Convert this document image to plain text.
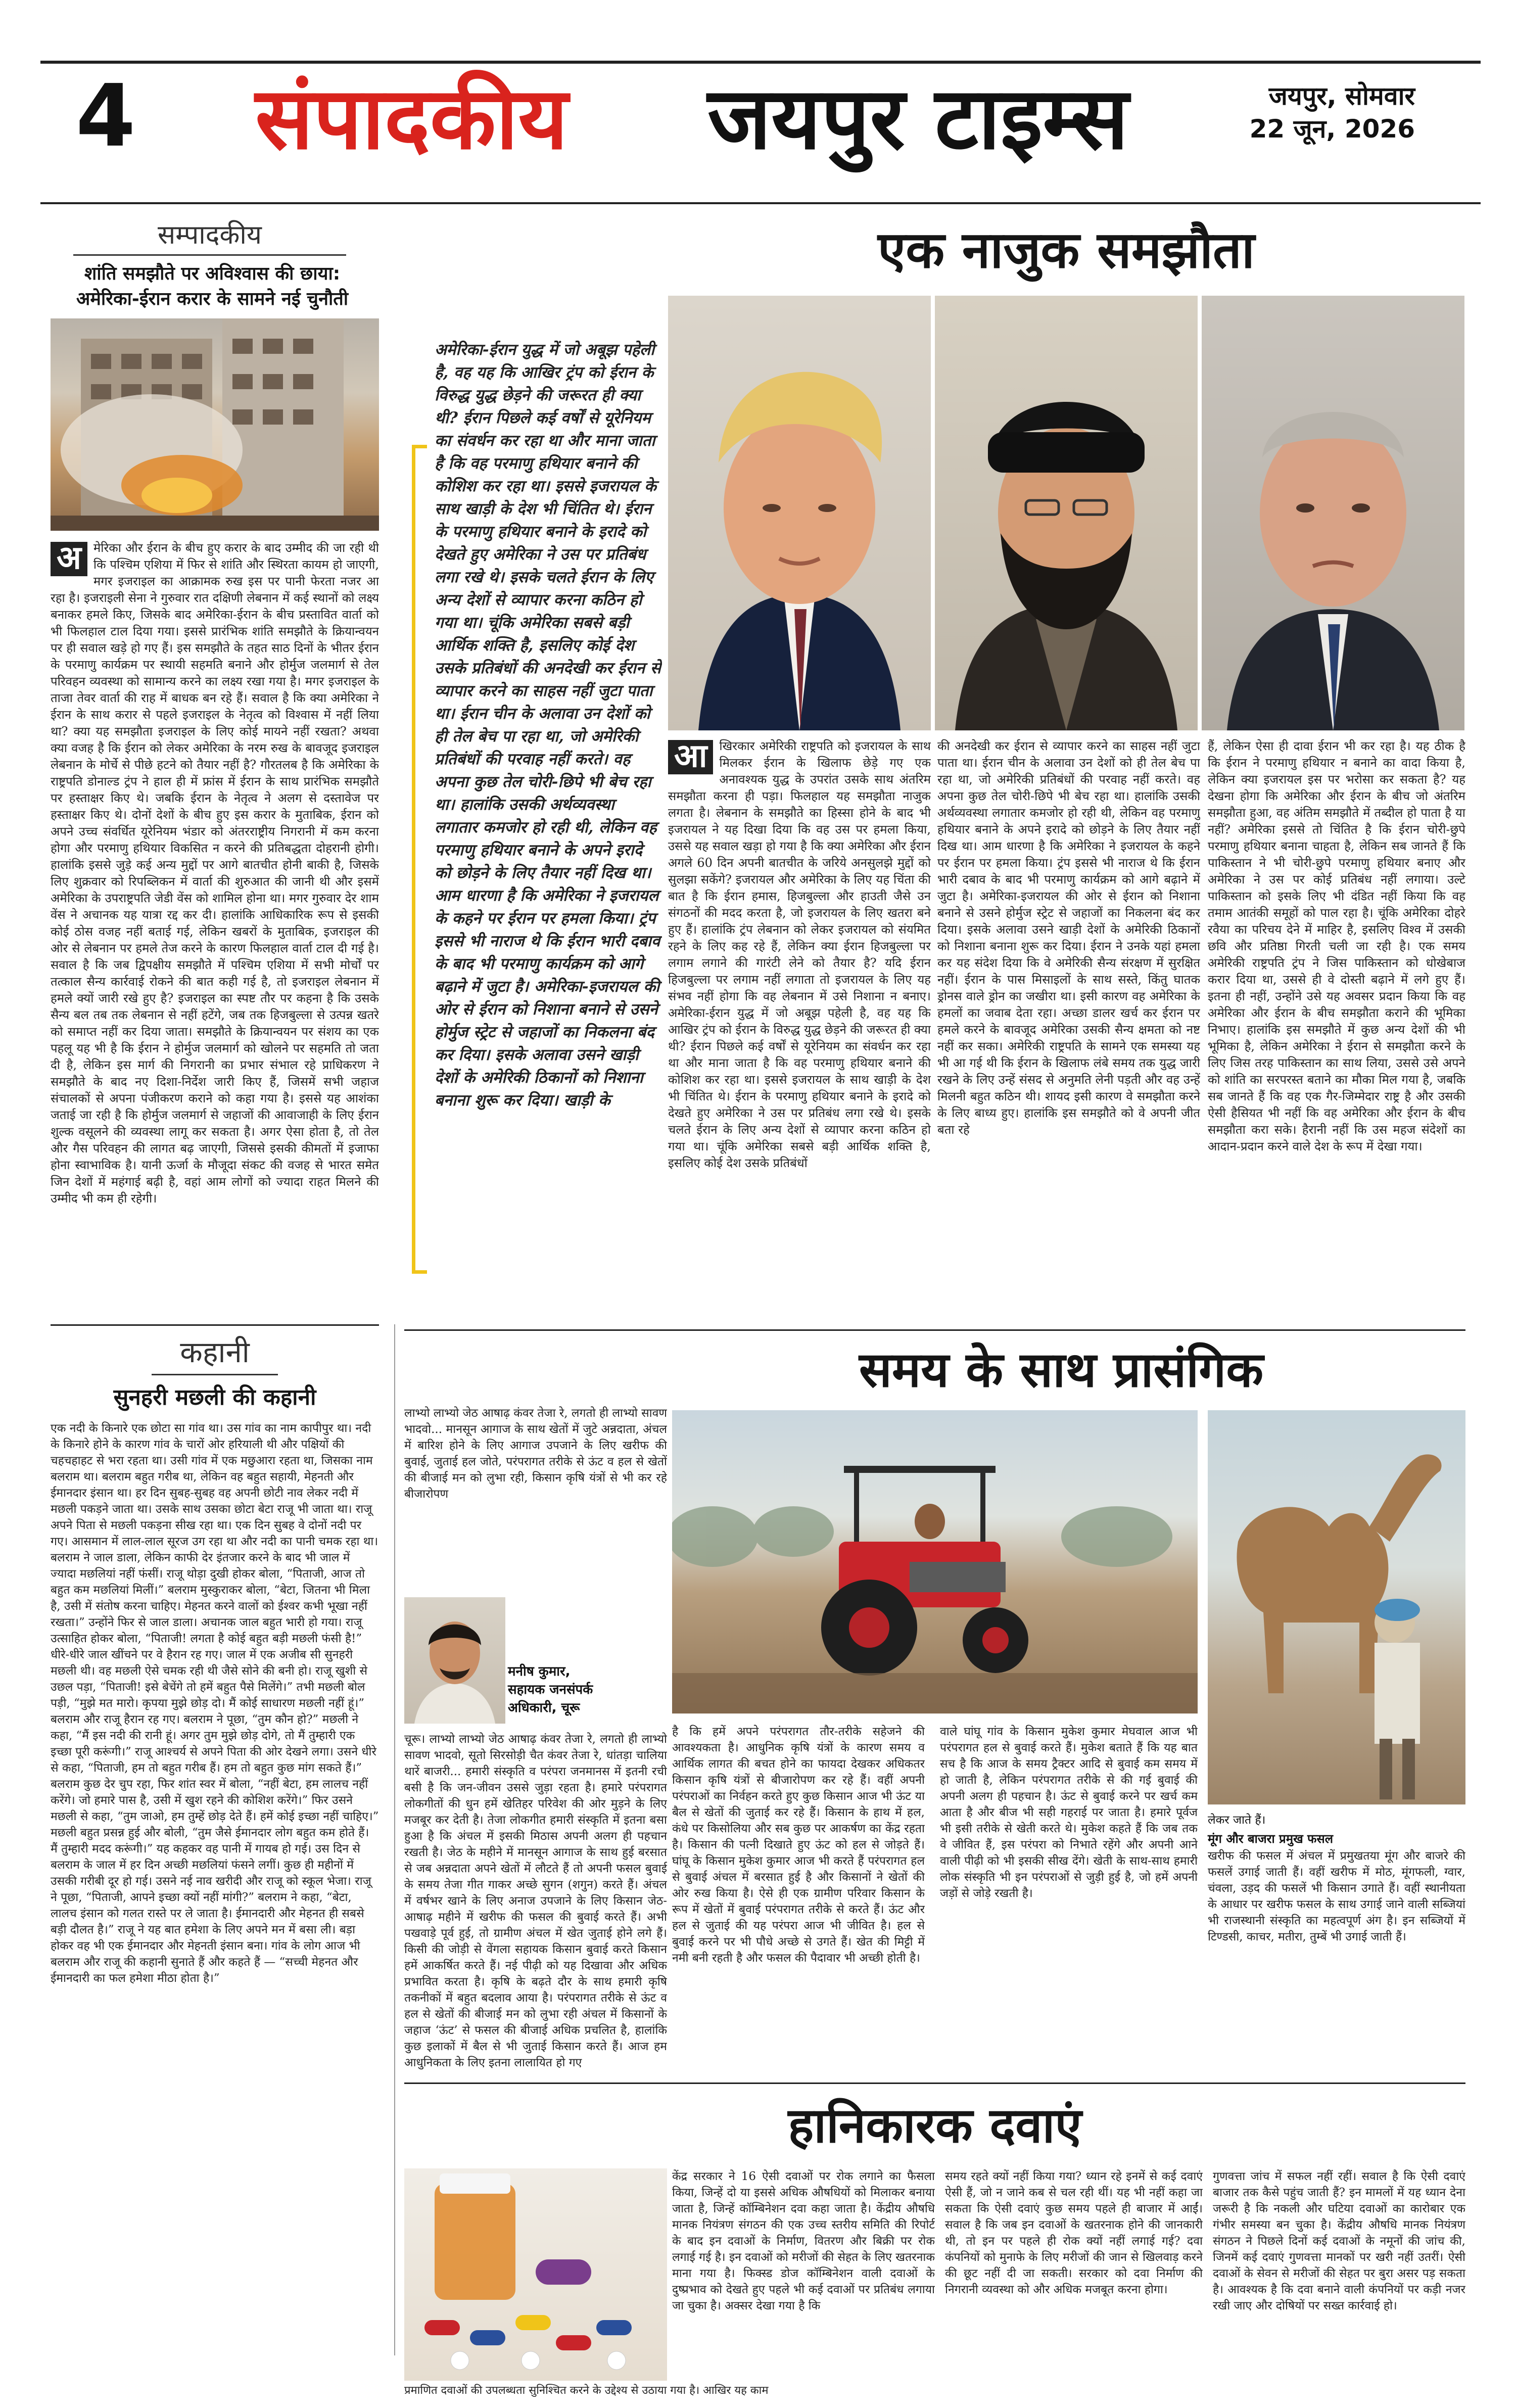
4 संपादकीय जयपुर टाइम्स	जयपुर, सोमवार
22 जून, 2026
सम्पादकीय
शांति समझौते पर अविश्वास की छाया:
अमेरिका-ईरान करार के सामने नई चुनौती
अ	मेरिका और ईरान के बीच हुए करार के बाद उम्मीद की जा रही थी कि पश्चिम एशिया में फिर से शांति और स्थिरता कायम हो जाएगी, मगर इजराइल का आक्रामक रुख इस पर पानी फेरता नजर आ रहा है। इजराइली सेना ने गुरुवार रात दक्षिणी लेबनान में कई स्थानों को लक्ष्य बनाकर हमले किए, जिसके बाद अमेरिका-ईरान के बीच प्रस्तावित वार्ता को भी फिलहाल टाल दिया गया। इससे प्रारंभिक शांति समझौते के क्रियान्वयन पर ही सवाल खड़े हो गए हैं। इस समझौते के तहत साठ दिनों के भीतर ईरान के परमाणु कार्यक्रम पर स्थायी सहमति बनाने और होर्मुज जलमार्ग से तेल परिवहन व्यवस्था को सामान्य करने का लक्ष्य रखा गया है। मगर इजराइल के ताजा तेवर वार्ता की राह में बाधक बन रहे हैं। सवाल है कि क्या अमेरिका ने ईरान के साथ करार से पहले इजराइल के नेतृत्व को विश्वास में नहीं लिया था? क्या यह समझौता इजराइल के लिए कोई मायने नहीं रखता? अथवा क्या वजह है कि ईरान को लेकर अमेरिका के नरम रुख के बावजूद इजराइल लेबनान के मोर्चे से पीछे हटने को तैयार नहीं है? गौरतलब है कि अमेरिका के राष्ट्रपति डोनाल्ड ट्रंप ने हाल ही में फ्रांस में ईरान के साथ प्रारंभिक समझौते पर हस्ताक्षर किए थे। जबकि ईरान के नेतृत्व ने अलग से दस्तावेज पर हस्ताक्षर किए थे। दोनों देशों के बीच हुए इस करार के मुताबिक, ईरान को अपने उच्च संवर्धित यूरेनियम भंडार को अंतरराष्ट्रीय निगरानी में कम करना होगा और परमाणु हथियार विकसित न करने की प्रतिबद्धता दोहरानी होगी। हालांकि इससे जुड़े कई अन्य मुद्दों पर आगे बातचीत होनी बाकी है, जिसके लिए शुक्रवार को रिपब्लिकन में वार्ता की शुरुआत की जानी थी और इसमें अमेरिका के उपराष्ट्रपति जेडी वेंस को शामिल होना था। मगर गुरुवार देर शाम वेंस ने अचानक यह यात्रा रद्द कर दी। हालांकि आधिकारिक रूप से इसकी कोई ठोस वजह नहीं बताई गई, लेकिन खबरों के मुताबिक, इजराइल की ओर से लेबनान पर हमले तेज करने के कारण फिलहाल वार्ता टाल दी गई है। सवाल है कि जब द्विपक्षीय समझौते में पश्चिम एशिया में सभी मोर्चों पर तत्काल सैन्य कार्रवाई रोकने की बात कही गई है, तो इजराइल लेबनान में हमले क्यों जारी रखे हुए है? इजराइल का स्पष्ट तौर पर कहना है कि उसके सैन्य बल तब तक लेबनान से नहीं हटेंगे, जब तक हिजबुल्ला से उत्पन्न खतरे को समाप्त नहीं कर दिया जाता। समझौते के क्रियान्वयन पर संशय का एक पहलू यह भी है कि ईरान ने होर्मुज जलमार्ग को खोलने पर सहमति तो जता दी है, लेकिन इस मार्ग की निगरानी का प्रभार संभाल रहे प्राधिकरण ने समझौते के बाद नए दिशा-निर्देश जारी किए हैं, जिसमें सभी जहाज संचालकों से अपना पंजीकरण कराने को कहा गया है। इससे यह आशंका जताई जा रही है कि होर्मुज जलमार्ग से जहाजों की आवाजाही के लिए ईरान शुल्क वसूलने की व्यवस्था लागू कर सकता है। अगर ऐसा होता है, तो तेल और गैस परिवहन की लागत बढ़ जाएगी, जिससे इसकी कीमतों में इजाफा होना स्वाभाविक है। यानी ऊर्जा के मौजूदा संकट की वजह से भारत समेत जिन देशों में महंगाई बढ़ी है, वहां आम लोगों को ज्यादा राहत मिलने की उम्मीद भी कम ही रहेगी।
अमेरिका-ईरान युद्ध में जो अबूझ पहेली है, वह यह कि आखिर ट्रंप को ईरान के विरुद्ध युद्ध छेड़ने की जरूरत ही क्या थी? ईरान पिछले कई वर्षों से यूरेनियम का संवर्धन कर रहा था और माना जाता है कि वह परमाणु हथियार बनाने की कोशिश कर रहा था। इससे इजरायल के साथ खाड़ी के देश भी चिंतित थे। ईरान के परमाणु हथियार बनाने के इरादे को देखते हुए अमेरिका ने उस पर प्रतिबंध लगा रखे थे। इसके चलते ईरान के लिए अन्य देशों से व्यापार करना कठिन हो गया था। चूंकि अमेरिका सबसे बड़ी आर्थिक शक्ति है, इसलिए कोई देश उसके प्रतिबंधों की अनदेखी कर ईरान से व्यापार करने का साहस नहीं जुटा पाता था। ईरान चीन के अलावा उन देशों को ही तेल बेच पा रहा था, जो अमेरिकी प्रतिबंधों की परवाह नहीं करते। वह अपना कुछ तेल चोरी-छिपे भी बेच रहा था। हालांकि उसकी अर्थव्यवस्था लगातार कमजोर हो रही थी, लेकिन वह परमाणु हथियार बनाने के अपने इरादे को छोड़ने के लिए तैयार नहीं दिख था। आम धारणा है कि अमेरिका ने इजरायल के कहने पर ईरान पर हमला किया। ट्रंप इससे भी नाराज थे कि ईरान भारी दबाव के बाद भी परमाणु कार्यक्रम को आगे बढ़ाने में जुटा है। अमेरिका-इजरायल की ओर से ईरान को निशाना बनाने से उसने होर्मुज स्ट्रेट से जहाजों का निकलना बंद कर दिया। इसके अलावा उसने खाड़ी देशों के अमेरिकी ठिकानों को निशाना बनाना शुरू कर दिया। खाड़ी के
एक नाजुक समझौता
आ	खिरकार अमेरिकी राष्ट्रपति को इजरायल के साथ मिलकर ईरान के खिलाफ छेड़े गए एक अनावश्यक युद्ध के उपरांत उसके साथ अंतरिम समझौता करना ही पड़ा। फिलहाल यह समझौता नाजुक लगता है। लेबनान के समझौते का हिस्सा होने के बाद भी इजरायल ने यह दिखा दिया कि वह उस पर हमला किया, उससे यह सवाल खड़ा हो गया है कि क्या अमेरिका और ईरान अगले 60 दिन अपनी बातचीत के जरिये अनसुलझे मुद्दों को सुलझा सकेंगे? इजरायल और अमेरिका के लिए यह चिंता की बात है कि ईरान हमास, हिजबुल्ला और हाउती जैसे उन संगठनों की मदद करता है, जो इजरायल के लिए खतरा बने हुए हैं। हालांकि ट्रंप लेबनान को लेकर इजरायल को संयमित रहने के लिए कह रहे हैं, लेकिन क्या ईरान हिजबुल्ला पर लगाम लगाने की गारंटी लेने को तैयार है? यदि ईरान हिजबुल्ला पर लगाम नहीं लगाता तो इजरायल के लिए यह संभव नहीं होगा कि वह लेबनान में उसे निशाना न बनाए। अमेरिका-ईरान युद्ध में जो अबूझ पहेली है, वह यह कि आखिर ट्रंप को ईरान के विरुद्ध युद्ध छेड़ने की जरूरत ही क्या थी? ईरान पिछले कई वर्षों से यूरेनियम का संवर्धन कर रहा था और माना जाता है कि वह परमाणु हथियार बनाने की कोशिश कर रहा था। इससे इजरायल के साथ खाड़ी के देश भी चिंतित थे। ईरान के परमाणु हथियार बनाने के इरादे को देखते हुए अमेरिका ने उस पर प्रतिबंध लगा रखे थे। इसके चलते ईरान के लिए अन्य देशों से व्यापार करना कठिन हो गया था। चूंकि अमेरिका सबसे बड़ी आर्थिक शक्ति है, इसलिए कोई देश उसके प्रतिबंधों
की अनदेखी कर ईरान से व्यापार करने का साहस नहीं जुटा पाता था। ईरान चीन के अलावा उन देशों को ही तेल बेच पा रहा था, जो अमेरिकी प्रतिबंधों की परवाह नहीं करते। वह अपना कुछ तेल चोरी-छिपे भी बेच रहा था। हालांकि उसकी अर्थव्यवस्था लगातार कमजोर हो रही थी, लेकिन वह परमाणु हथियार बनाने के अपने इरादे को छोड़ने के लिए तैयार नहीं दिख था। आम धारणा है कि अमेरिका ने इजरायल के कहने पर ईरान पर हमला किया। ट्रंप इससे भी नाराज थे कि ईरान भारी दबाव के बाद भी परमाणु कार्यक्रम को आगे बढ़ाने में जुटा है। अमेरिका-इजरायल की ओर से ईरान को निशाना बनाने से उसने होर्मुज स्ट्रेट से जहाजों का निकलना बंद कर दिया। इसके अलावा उसने खाड़ी देशों के अमेरिकी ठिकानों को निशाना बनाना शुरू कर दिया। ईरान ने उनके यहां हमला कर यह संदेश दिया कि वे अमेरिकी सैन्य संरक्षण में सुरक्षित नहीं। ईरान के पास मिसाइलों के साथ सस्ते, किंतु घातक ड्रोनस वाले ड्रोन का जखीरा था। इसी कारण वह अमेरिका के हमलों का जवाब देता रहा। अच्छा डालर खर्च कर ईरान पर हमले करने के बावजूद अमेरिका उसकी सैन्य क्षमता को नष्ट नहीं कर सका। अमेरिकी राष्ट्रपति के सामने एक समस्या यह भी आ गई थी कि ईरान के खिलाफ लंबे समय तक युद्ध जारी रखने के लिए उन्हें संसद से अनुमति लेनी पड़ती और वह उन्हें मिलनी बहुत कठिन थी। शायद इसी कारण वे समझौता करने के लिए बाध्य हुए। हालांकि इस समझौते को वे अपनी जीत बता रहे
हैं, लेकिन ऐसा ही दावा ईरान भी कर रहा है। यह ठीक है कि ईरान ने परमाणु हथियार न बनाने का वादा किया है, लेकिन क्या इजरायल इस पर भरोसा कर सकता है? यह देखना होगा कि अमेरिका और ईरान के बीच जो अंतरिम समझौता हुआ, वह अंतिम समझौते में तब्दील हो पाता है या नहीं? अमेरिका इससे तो चिंतित है कि ईरान चोरी-छुपे परमाणु हथियार बनाना चाहता है, लेकिन सब जानते हैं कि पाकिस्तान ने भी चोरी-छुपे परमाणु हथियार बनाए और अमेरिका ने उस पर कोई प्रतिबंध नहीं लगाया। उल्टे पाकिस्तान को इसके लिए भी दंडित नहीं किया कि वह तमाम आतंकी समूहों को पाल रहा है। चूंकि अमेरिका दोहरे रवैया का परिचय देने में माहिर है, इसलिए विश्व में उसकी छवि और प्रतिष्ठा गिरती चली जा रही है। एक समय अमेरिकी राष्ट्रपति ट्रंप ने जिस पाकिस्तान को धोखेबाज करार दिया था, उससे ही वे दोस्ती बढ़ाने में लगे हुए हैं। इतना ही नहीं, उन्होंने उसे यह अवसर प्रदान किया कि वह अमेरिका और ईरान के बीच समझौता कराने की भूमिका निभाए। हालांकि इस समझौते में कुछ अन्य देशों की भी भूमिका है, लेकिन अमेरिका ने ईरान से समझौता करने के लिए जिस तरह पाकिस्तान का साथ लिया, उससे उसे अपने को शांति का सरपरस्त बताने का मौका मिल गया है, जबकि सब जानते हैं कि वह एक गैर-जिम्मेदार राष्ट्र है और उसकी ऐसी हैसियत भी नहीं कि वह अमेरिका और ईरान के बीच समझौता करा सके। हैरानी नहीं कि उस महज संदेशों का आदान-प्रदान करने वाले देश के रूप में देखा गया।
कहानी
सुनहरी मछली की कहानी
एक नदी के किनारे एक छोटा सा गांव था। उस गांव का नाम कापीपुर था। नदी के किनारे होने के कारण गांव के चारों ओर हरियाली थी और पक्षियों की चहचहाहट से भरा रहता था। उसी गांव में एक मछुआरा रहता था, जिसका नाम बलराम था। बलराम बहुत गरीब था, लेकिन वह बहुत सहायी, मेहनती और ईमानदार इंसान था। हर दिन सुबह-सुबह वह अपनी छोटी नाव लेकर नदी में मछली पकड़ने जाता था। उसके साथ उसका छोटा बेटा राजू भी जाता था। राजू अपने पिता से मछली पकड़ना सीख रहा था। एक दिन सुबह वे दोनों नदी पर गए। आसमान में लाल-लाल सूरज उग रहा था और नदी का पानी चमक रहा था। बलराम ने जाल डाला, लेकिन काफी देर इंतजार करने के बाद भी जाल में ज्यादा मछलियां नहीं फंसीं। राजू थोड़ा दुखी होकर बोला, “पिताजी, आज तो बहुत कम मछलियां मिलीं।” बलराम मुस्कुराकर बोला, “बेटा, जितना भी मिला है, उसी में संतोष करना चाहिए। मेहनत करने वालों को ईश्वर कभी भूखा नहीं रखता।” उन्होंने फिर से जाल डाला। अचानक जाल बहुत भारी हो गया। राजू उत्साहित होकर बोला, “पिताजी! लगता है कोई बहुत बड़ी मछली फंसी है!” धीरे-धीरे जाल खींचने पर वे हैरान रह गए। जाल में एक अजीब सी सुनहरी मछली थी। वह मछली ऐसे चमक रही थी जैसे सोने की बनी हो। राजू खुशी से उछल पड़ा, “पिताजी! इसे बेचेंगे तो हमें बहुत पैसे मिलेंगे।” तभी मछली बोल पड़ी, “मुझे मत मारो। कृपया मुझे छोड़ दो। मैं कोई साधारण मछली नहीं हूं।” बलराम और राजू हैरान रह गए। बलराम ने पूछा, “तुम कौन हो?” मछली ने कहा, “मैं इस नदी की रानी हूं। अगर तुम मुझे छोड़ दोगे, तो मैं तुम्हारी एक इच्छा पूरी करूंगी।” राजू आश्चर्य से अपने पिता की ओर देखने लगा। उसने धीरे से कहा, “पिताजी, हम तो बहुत गरीब हैं। हम तो बहुत कुछ मांग सकते हैं।” बलराम कुछ देर चुप रहा, फिर शांत स्वर में बोला, “नहीं बेटा, हम लालच नहीं करेंगे। जो हमारे पास है, उसी में खुश रहने की कोशिश करेंगे।” फिर उसने मछली से कहा, “तुम जाओ, हम तुम्हें छोड़ देते हैं। हमें कोई इच्छा नहीं चाहिए।” मछली बहुत प्रसन्न हुई और बोली, “तुम जैसे ईमानदार लोग बहुत कम होते हैं। मैं तुम्हारी मदद करूंगी।” यह कहकर वह पानी में गायब हो गई। उस दिन से बलराम के जाल में हर दिन अच्छी मछलियां फंसने लगीं। कुछ ही महीनों में उसकी गरीबी दूर हो गई। उसने नई नाव खरीदी और राजू को स्कूल भेजा। राजू ने पूछा, “पिताजी, आपने इच्छा क्यों नहीं मांगी?” बलराम ने कहा, “बेटा, लालच इंसान को गलत रास्ते पर ले जाता है। ईमानदारी और मेहनत ही सबसे बड़ी दौलत है।” राजू ने यह बात हमेशा के लिए अपने मन में बसा ली। बड़ा होकर वह भी एक ईमानदार और मेहनती इंसान बना। गांव के लोग आज भी बलराम और राजू की कहानी सुनाते हैं और कहते हैं — “सच्ची मेहनत और ईमानदारी का फल हमेशा मीठा होता है।”
समय के साथ प्रासंगिक
लाभ्यो लाभ्यो जेठ आषाढ़ कंवर तेजा रे, लगतो ही लाभ्यो सावण भादवो... मानसून आगाज के साथ खेतों में जुटे अन्नदाता, अंचल में बारिश होने के लिए आगाज उपजाने के लिए खरीफ की बुवाई, जुताई हल जोते, परंपरागत तरीके से ऊंट व हल से खेतों की बीजाई मन को लुभा रही, किसान कृषि यंत्रों से भी कर रहे बीजारोपण
मनीष कुमार,
सहायक जनसंपर्क
अधिकारी, चूरू
चूरू। लाभ्यो लाभ्यो जेठ आषाढ़ कंवर तेजा रे, लगतो ही लाभ्यो सावण भादवो, सूतो सिरसोड़ी चैत कंवर तेजा रे, धांतड़ा चालिया थारें बाजरी... हमारी संस्कृति व परंपरा जनमानस में इतनी रची बसी है कि जन-जीवन उससे जुड़ा रहता है। हमारे परंपरागत लोकगीतों की धुन हमें खेतिहर परिवेश की ओर मुड़ने के लिए मजबूर कर देती है। तेजा लोकगीत हमारी संस्कृति में इतना बसा हुआ है कि अंचल में इसकी मिठास अपनी अलग ही पहचान रखती है। जेठ के महीने में मानसून आगाज के साथ हुई बरसात से जब अन्नदाता अपने खेतों में लौटते हैं तो अपनी फसल बुवाई के समय तेजा गीत गाकर अच्छे सुगन (शगुन) करते हैं। अंचल में वर्षभर खाने के लिए अनाज उपजाने के लिए किसान जेठ-आषाढ़ महीने में खरीफ की फसल की बुवाई करते हैं। अभी पखवाड़े पूर्व हुई, तो ग्रामीण अंचल में खेत जुताई होने लगे हैं। किसी की जोड़ी से वेंगला सहायक किसान बुवाई करते किसान हमें आकर्षित करते हैं। नई पीढ़ी को यह दिखावा और अधिक प्रभावित करता है। कृषि के बढ़ते दौर के साथ हमारी कृषि तकनीकों में बहुत बदलाव आया है। परंपरागत तरीके से ऊंट व हल से खेतों की बीजाई मन को लुभा रही अंचल में किसानों के जहाज ‘ऊंट’ से फसल की बीजाई अधिक प्रचलित है, हालांकि कुछ इलाकों में बैल से भी जुताई किसान करते हैं। आज हम आधुनिकता के लिए इतना लालायित हो गए
है कि हमें अपने परंपरागत तौर-तरीके सहेजने की आवश्यकता है। आधुनिक कृषि यंत्रों के कारण समय व आर्थिक लागत की बचत होने का फायदा देखकर अधिकतर किसान कृषि यंत्रों से बीजारोपण कर रहे हैं। वहीं अपनी परंपराओं का निर्वहन करते हुए कुछ किसान आज भी ऊंट या बैल से खेतों की जुताई कर रहे हैं। किसान के हाथ में हल, कंधे पर किसोलिया और सब कुछ पर आकर्षण का केंद्र रहता है। किसान की पत्नी दिखाते हुए ऊंट को हल से जोड़ते हैं। घांघू के किसान मुकेश कुमार आज भी करते हैं परंपरागत हल से बुवाई अंचल में बरसात हुई है और किसानों ने खेतों की ओर रुख किया है। ऐसे ही एक ग्रामीण परिवार किसान के रूप में खेतों में बुवाई परंपरागत तरीके से करते हैं। ऊंट और हल से जुताई की यह परंपरा आज भी जीवित है। हल से बुवाई करने पर भी पौधे अच्छे से उगते हैं। खेत की मिट्टी में नमी बनी रहती है और फसल की पैदावार भी अच्छी होती है।
वाले घांघू गांव के किसान मुकेश कुमार मेघवाल आज भी परंपरागत हल से बुवाई करते हैं। मुकेश बताते हैं कि यह बात सच है कि आज के समय ट्रैक्टर आदि से बुवाई कम समय में हो जाती है, लेकिन परंपरागत तरीके से की गई बुवाई की अपनी अलग ही पहचान है। ऊंट से बुवाई करने पर खर्च कम आता है और बीज भी सही गहराई पर जाता है। हमारे पूर्वज भी इसी तरीके से खेती करते थे। मुकेश कहते हैं कि जब तक वे जीवित हैं, इस परंपरा को निभाते रहेंगे और अपनी आने वाली पीढ़ी को भी इसकी सीख देंगे। खेती के साथ-साथ हमारी लोक संस्कृति भी इन परंपराओं से जुड़ी हुई है, जो हमें अपनी जड़ों से जोड़े रखती है।
लेकर जाते हैं।
मूंग और बाजरा प्रमुख फसल
खरीफ की फसल में अंचल में प्रमुखतया मूंग और बाजरे की फसलें उगाई जाती हैं। वहीं खरीफ में मोठ, मूंगफली, ग्वार, चंवला, उड़द की फसलें भी किसान उगाते हैं। वहीं स्थानीयता के आधार पर खरीफ फसल के साथ उगाई जाने वाली सब्जियां भी राजस्थानी संस्कृति का महत्वपूर्ण अंग है। इन सब्जियों में टिण्डसी, काचर, मतीरा, तुम्बें भी उगाई जाती हैं।
हानिकारक दवाएं
प्रमाणित दवाओं की उपलब्धता सुनिश्चित करने के उद्देश्य से उठाया गया है। आखिर यह काम
केंद्र सरकार ने 16 ऐसी दवाओं पर रोक लगाने का फैसला किया, जिन्हें दो या इससे अधिक औषधियों को मिलाकर बनाया जाता है, जिन्हें कॉम्बिनेशन दवा कहा जाता है। केंद्रीय औषधि मानक नियंत्रण संगठन की एक उच्च स्तरीय समिति की रिपोर्ट के बाद इन दवाओं के निर्माण, वितरण और बिक्री पर रोक लगाई गई है। इन दवाओं को मरीजों की सेहत के लिए खतरनाक माना गया है। फिक्स्ड डोज कॉम्बिनेशन वाली दवाओं के दुष्प्रभाव को देखते हुए पहले भी कई दवाओं पर प्रतिबंध लगाया जा चुका है। अक्सर देखा गया है कि
समय रहते क्यों नहीं किया गया? ध्यान रहे इनमें से कई दवाएं ऐसी हैं, जो न जाने कब से चल रही थीं। यह भी नहीं कहा जा सकता कि ऐसी दवाएं कुछ समय पहले ही बाजार में आईं। सवाल है कि जब इन दवाओं के खतरनाक होने की जानकारी थी, तो इन पर पहले ही रोक क्यों नहीं लगाई गई? दवा कंपनियों को मुनाफे के लिए मरीजों की जान से खिलवाड़ करने की छूट नहीं दी जा सकती। सरकार को दवा निर्माण की निगरानी व्यवस्था को और अधिक मजबूत करना होगा।
गुणवत्ता जांच में सफल नहीं रहीं। सवाल है कि ऐसी दवाएं बाजार तक कैसे पहुंच जाती हैं? इन मामलों में यह ध्यान देना जरूरी है कि नकली और घटिया दवाओं का कारोबार एक गंभीर समस्या बन चुका है। केंद्रीय औषधि मानक नियंत्रण संगठन ने पिछले दिनों कई दवाओं के नमूनों की जांच की, जिनमें कई दवाएं गुणवत्ता मानकों पर खरी नहीं उतरीं। ऐसी दवाओं के सेवन से मरीजों की सेहत पर बुरा असर पड़ सकता है। आवश्यक है कि दवा बनाने वाली कंपनियों पर कड़ी नजर रखी जाए और दोषियों पर सख्त कार्रवाई हो।
